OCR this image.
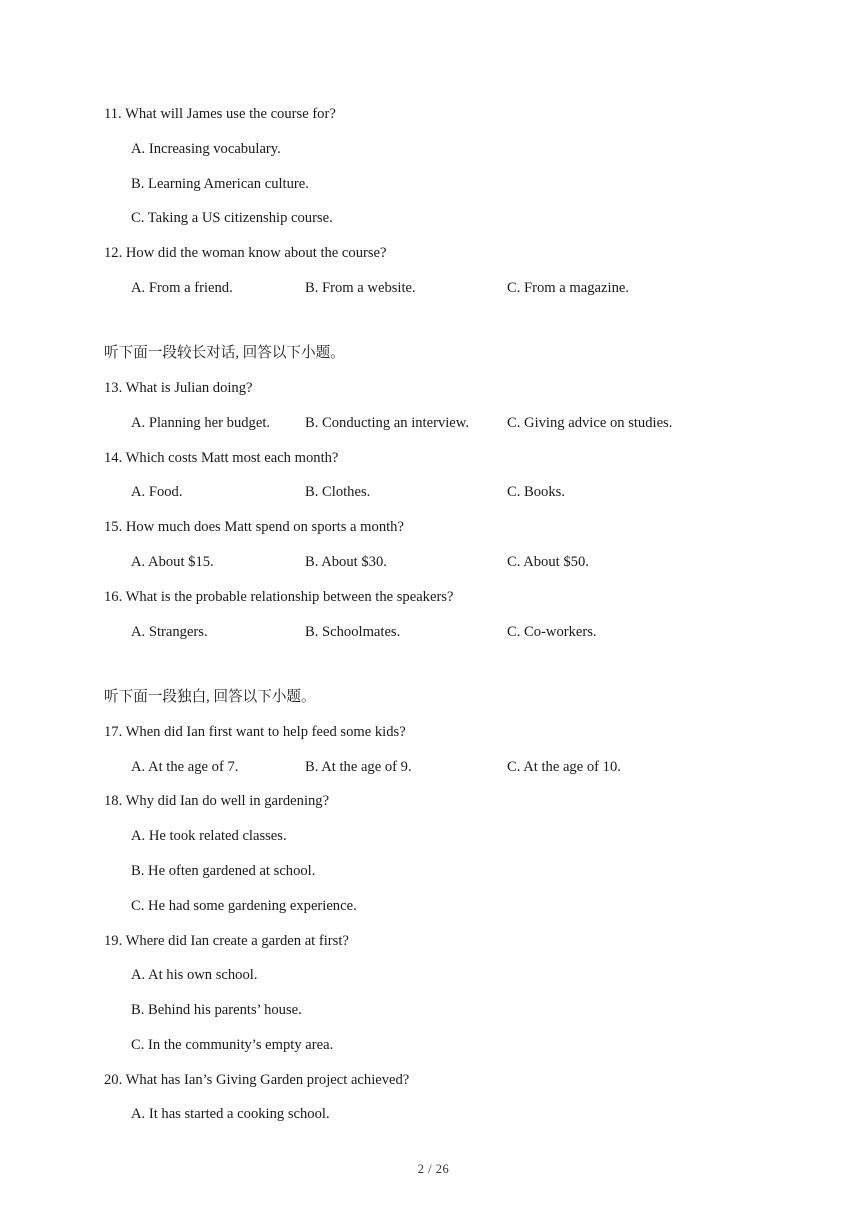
11. What will James use the course for?
A. Increasing vocabulary.
B. Learning American culture.
C. Taking a US citizenship course.
12. How did the woman know about the course?
A. From a friend.	B. From a website.	C. From a magazine.
听下面一段较长对话, 回答以下小题。
13. What is Julian doing?
A. Planning her budget. B. Conducting an interview.	C. Giving advice on studies.
14. Which costs Matt most each month?
A. Food.	B. Clothes.	C. Books.
15. How much does Matt spend on sports a month?
A. About $15.	B. About $30.	C. About $50.
16. What is the probable relationship between the speakers?
A. Strangers.	B. Schoolmates.	C. Co-workers.
听下面一段独白, 回答以下小题。
17. When did Ian first want to help feed some kids?
A. At the age of 7.	B. At the age of 9.	C. At the age of 10.
18. Why did Ian do well in gardening?
A. He took related classes.
B. He often gardened at school.
C. He had some gardening experience.
19. Where did Ian create a garden at first?
A. At his own school.
B. Behind his parents’ house.
C. In the community’s empty area.
20. What has Ian’s Giving Garden project achieved?
A. It has started a cooking school.
2 / 26
